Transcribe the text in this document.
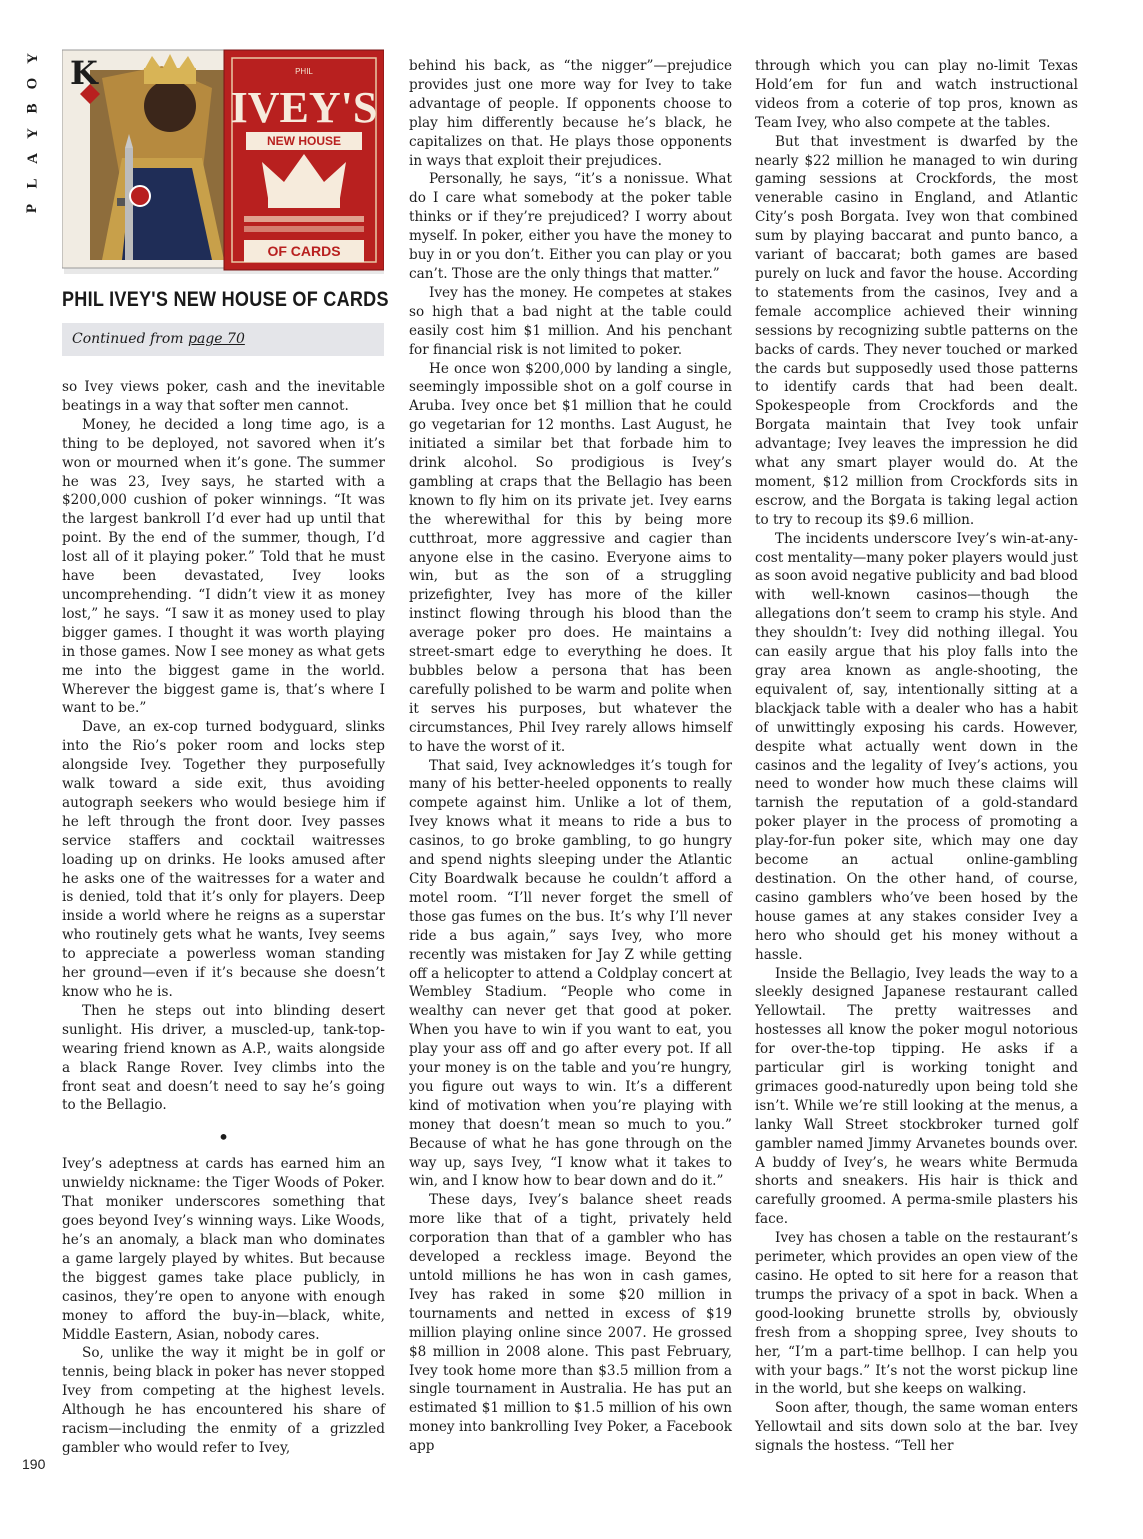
Y
O
B
Y
A
L
P
K	PHIL
IVEY'S
NEW HOUSE
OF CARDS
PHIL IVEY'S NEW HOUSE OF CARDS
Continued from page 70

so Ivey views poker, cash and the inevitable beatings in a way that softer men cannot.

Money, he decided a long time ago, is a thing to be deployed, not savored when it’s won or mourned when it’s gone. The summer he was 23, Ivey says, he started with a $200,000 cushion of poker winnings. “It was the largest bankroll I’d ever had up until that point. By the end of the summer, though, I’d lost all of it playing poker.” Told that he must have been devastated, Ivey looks uncomprehending. “I didn’t view it as money lost,” he says. “I saw it as money used to play bigger games. I thought it was worth playing in those games. Now I see money as what gets me into the biggest game in the world. Wherever the biggest game is, that’s where I want to be.”

Dave, an ex-cop turned bodyguard, slinks into the Rio’s poker room and locks step alongside Ivey. Together they purposefully walk toward a side exit, thus avoiding autograph seekers who would besiege him if he left through the front door. Ivey passes service staffers and cocktail waitresses loading up on drinks. He looks amused after he asks one of the waitresses for a water and is denied, told that it’s only for players. Deep inside a world where he reigns as a superstar who routinely gets what he wants, Ivey seems to appreciate a powerless woman standing her ground—even if it’s because she doesn’t know who he is.

Then he steps out into blinding desert sunlight. His driver, a muscled-up, tank-top-wearing friend known as A.P., waits alongside a black Range Rover. Ivey climbs into the front seat and doesn’t need to say he’s going to the Bellagio.

•

Ivey’s adeptness at cards has earned him an unwieldy nickname: the Tiger Woods of Poker. That moniker underscores something that goes beyond Ivey’s winning ways. Like Woods, he’s an anomaly, a black man who dominates a game largely played by whites. But because the biggest games take place publicly, in casinos, they’re open to anyone with enough money to afford the buy-in—black, white, Middle Eastern, Asian, nobody cares.

So, unlike the way it might be in golf or tennis, being black in poker has never stopped Ivey from competing at the highest levels. Although he has encountered his share of racism—including the enmity of a grizzled gambler who would refer to Ivey,

behind his back, as “the nigger”—prejudice provides just one more way for Ivey to take advantage of people. If opponents choose to play him differently because he’s black, he capitalizes on that. He plays those opponents in ways that exploit their prejudices.

Personally, he says, “it’s a nonissue. What do I care what somebody at the poker table thinks or if they’re prejudiced? I worry about myself. In poker, either you have the money to buy in or you don’t. Either you can play or you can’t. Those are the only things that matter.”

Ivey has the money. He competes at stakes so high that a bad night at the table could easily cost him $1 million. And his penchant for financial risk is not limited to poker.

He once won $200,000 by landing a single, seemingly impossible shot on a golf course in Aruba. Ivey once bet $1 million that he could go vegetarian for 12 months. Last August, he initiated a similar bet that forbade him to drink alcohol. So prodigious is Ivey’s gambling at craps that the Bellagio has been known to fly him on its private jet. Ivey earns the wherewithal for this by being more cutthroat, more aggressive and cagier than anyone else in the casino. Everyone aims to win, but as the son of a struggling prizefighter, Ivey has more of the killer instinct flowing through his blood than the average poker pro does. He maintains a street-smart edge to everything he does. It bubbles below a persona that has been carefully polished to be warm and polite when it serves his purposes, but whatever the circumstances, Phil Ivey rarely allows himself to have the worst of it.

That said, Ivey acknowledges it’s tough for many of his better-heeled opponents to really compete against him. Unlike a lot of them, Ivey knows what it means to ride a bus to casinos, to go broke gambling, to go hungry and spend nights sleeping under the Atlantic City Boardwalk because he couldn’t afford a motel room. “I’ll never forget the smell of those gas fumes on the bus. It’s why I’ll never ride a bus again,” says Ivey, who more recently was mistaken for Jay Z while getting off a helicopter to attend a Coldplay concert at Wembley Stadium. “People who come in wealthy can never get that good at poker. When you have to win if you want to eat, you play your ass off and go after every pot. If all your money is on the table and you’re hungry, you figure out ways to win. It’s a different kind of motivation when you’re playing with money that doesn’t mean so much to you.” Because of what he has gone through on the way up, says Ivey, “I know what it takes to win, and I know how to bear down and do it.”

These days, Ivey’s balance sheet reads more like that of a tight, privately held corporation than that of a gambler who has developed a reckless image. Beyond the untold millions he has won in cash games, Ivey has raked in some $20 million in tournaments and netted in excess of $19 million playing online since 2007. He grossed $8 million in 2008 alone. This past February, Ivey took home more than $3.5 million from a single tournament in Australia. He has put an estimated $1 million to $1.5 million of his own money into bankrolling Ivey Poker, a Facebook app

through which you can play no-limit Texas Hold’em for fun and watch instructional videos from a coterie of top pros, known as Team Ivey, who also compete at the tables.

But that investment is dwarfed by the nearly $22 million he managed to win during gaming sessions at Crockfords, the most venerable casino in England, and Atlantic City’s posh Borgata. Ivey won that combined sum by playing baccarat and punto banco, a variant of baccarat; both games are based purely on luck and favor the house. According to statements from the casinos, Ivey and a female accomplice achieved their winning sessions by recognizing subtle patterns on the backs of cards. They never touched or marked the cards but supposedly used those patterns to identify cards that had been dealt. Spokespeople from Crockfords and the Borgata maintain that Ivey took unfair advantage; Ivey leaves the impression he did what any smart player would do. At the moment, $12 million from Crockfords sits in escrow, and the Borgata is taking legal action to try to recoup its $9.6 million.

The incidents underscore Ivey’s win-at-any-cost mentality—many poker players would just as soon avoid negative publicity and bad blood with well-known casinos—though the allegations don’t seem to cramp his style. And they shouldn’t: Ivey did nothing illegal. You can easily argue that his ploy falls into the gray area known as angle-shooting, the equivalent of, say, intentionally sitting at a blackjack table with a dealer who has a habit of unwittingly exposing his cards. However, despite what actually went down in the casinos and the legality of Ivey’s actions, you need to wonder how much these claims will tarnish the reputation of a gold-standard poker player in the process of promoting a play-for-fun poker site, which may one day become an actual online-gambling destination. On the other hand, of course, casino gamblers who’ve been hosed by the house games at any stakes consider Ivey a hero who should get his money without a hassle.

Inside the Bellagio, Ivey leads the way to a sleekly designed Japanese restaurant called Yellowtail. The pretty waitresses and hostesses all know the poker mogul notorious for over-the-top tipping. He asks if a particular girl is working tonight and grimaces good-naturedly upon being told she isn’t. While we’re still looking at the menus, a lanky Wall Street stockbroker turned golf gambler named Jimmy Arvanetes bounds over. A buddy of Ivey’s, he wears white Bermuda shorts and sneakers. His hair is thick and carefully groomed. A perma-smile plasters his face.

Ivey has chosen a table on the restaurant’s perimeter, which provides an open view of the casino. He opted to sit here for a reason that trumps the privacy of a spot in back. When a good-looking brunette strolls by, obviously fresh from a shopping spree, Ivey shouts to her, “I’m a part-time bellhop. I can help you with your bags.” It’s not the worst pickup line in the world, but she keeps on walking.

Soon after, though, the same woman enters Yellowtail and sits down solo at the bar. Ivey signals the hostess. “Tell her

190
